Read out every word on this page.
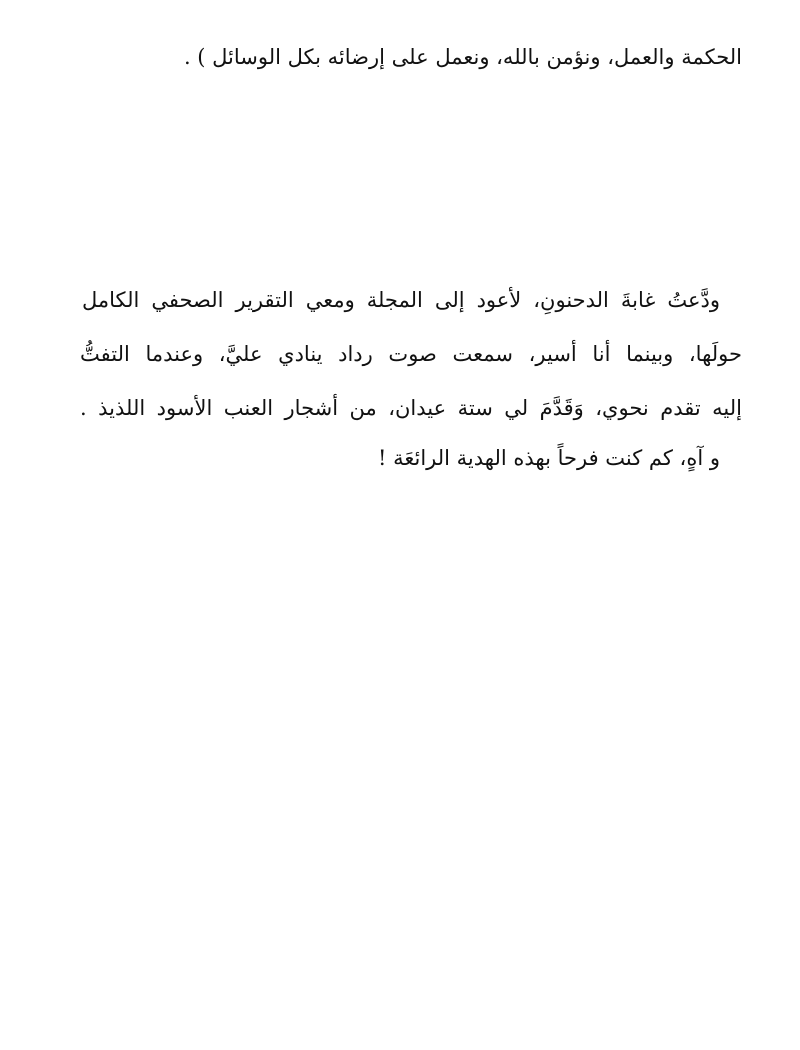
الحكمة والعمل، ونؤمن بالله، ونعمل على إرضائه بكل الوسائل ) .
ودَّعتُ غابةَ الدحنونِ، لأعود إلى المجلة ومعي التقرير الصحفي الكامل
حولَها، وبينما أنا أسير، سمعت صوت رداد ينادي عليَّ، وعندما التفتُّ
إليه تقدم نحوي، وَقَدَّمَ لي ستة عيدان، من أشجار العنب الأسود اللذيذ .
و آهٍ، كم كنت فرحاً بهذه الهدية الرائعَة !
